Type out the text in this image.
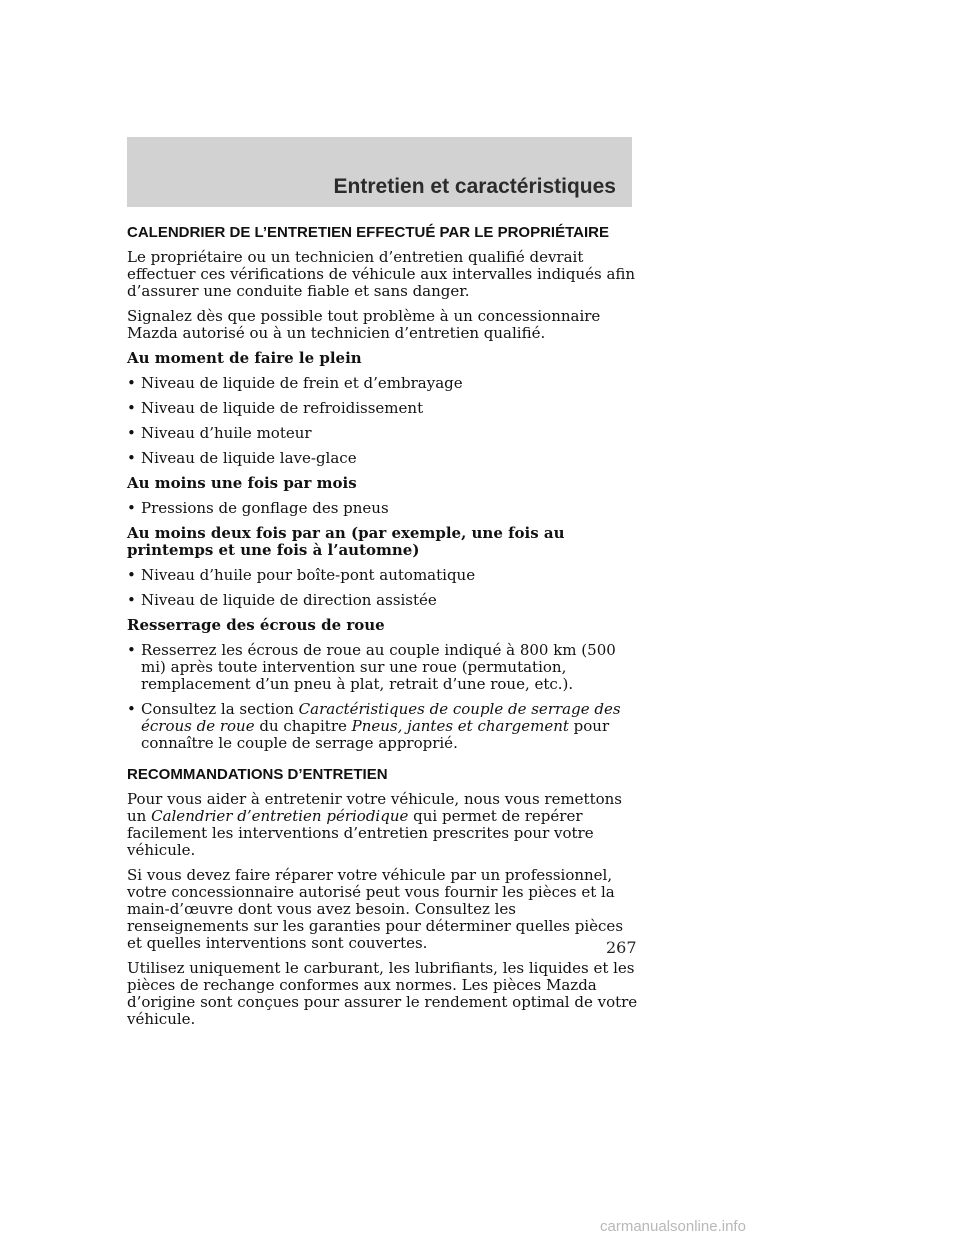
Entretien et caractéristiques
CALENDRIER DE L’ENTRETIEN EFFECTUÉ PAR LE PROPRIÉTAIRE

Le propriétaire ou un technicien d’entretien qualifié devrait effectuer ces vérifications de véhicule aux intervalles indiqués afin d’assurer une conduite fiable et sans danger.

Signalez dès que possible tout problème à un concessionnaire Mazda autorisé ou à un technicien d’entretien qualifié.

Au moment de faire le plein
• Niveau de liquide de frein et d’embrayage
• Niveau de liquide de refroidissement
• Niveau d’huile moteur
• Niveau de liquide lave-glace
Au moins une fois par mois
• Pressions de gonflage des pneus
Au moins deux fois par an (par exemple, une fois au printemps et une fois à l’automne)
• Niveau d’huile pour boîte-pont automatique
• Niveau de liquide de direction assistée
Resserrage des écrous de roue
• Resserrez les écrous de roue au couple indiqué à 800 km (500 mi) après toute intervention sur une roue (permutation, remplacement d’un pneu à plat, retrait d’une roue, etc.).
• Consultez la section Caractéristiques de couple de serrage des écrous de roue du chapitre Pneus, jantes et chargement pour connaître le couple de serrage approprié.
RECOMMANDATIONS D’ENTRETIEN

Pour vous aider à entretenir votre véhicule, nous vous remettons un Calendrier d’entretien périodique qui permet de repérer facilement les interventions d’entretien prescrites pour votre véhicule.

Si vous devez faire réparer votre véhicule par un professionnel, votre concessionnaire autorisé peut vous fournir les pièces et la main-d’œuvre dont vous avez besoin. Consultez les renseignements sur les garanties pour déterminer quelles pièces et quelles interventions sont couvertes.

Utilisez uniquement le carburant, les lubrifiants, les liquides et les pièces de rechange conformes aux normes. Les pièces Mazda d’origine sont conçues pour assurer le rendement optimal de votre véhicule.

267
carmanualsonline.info
